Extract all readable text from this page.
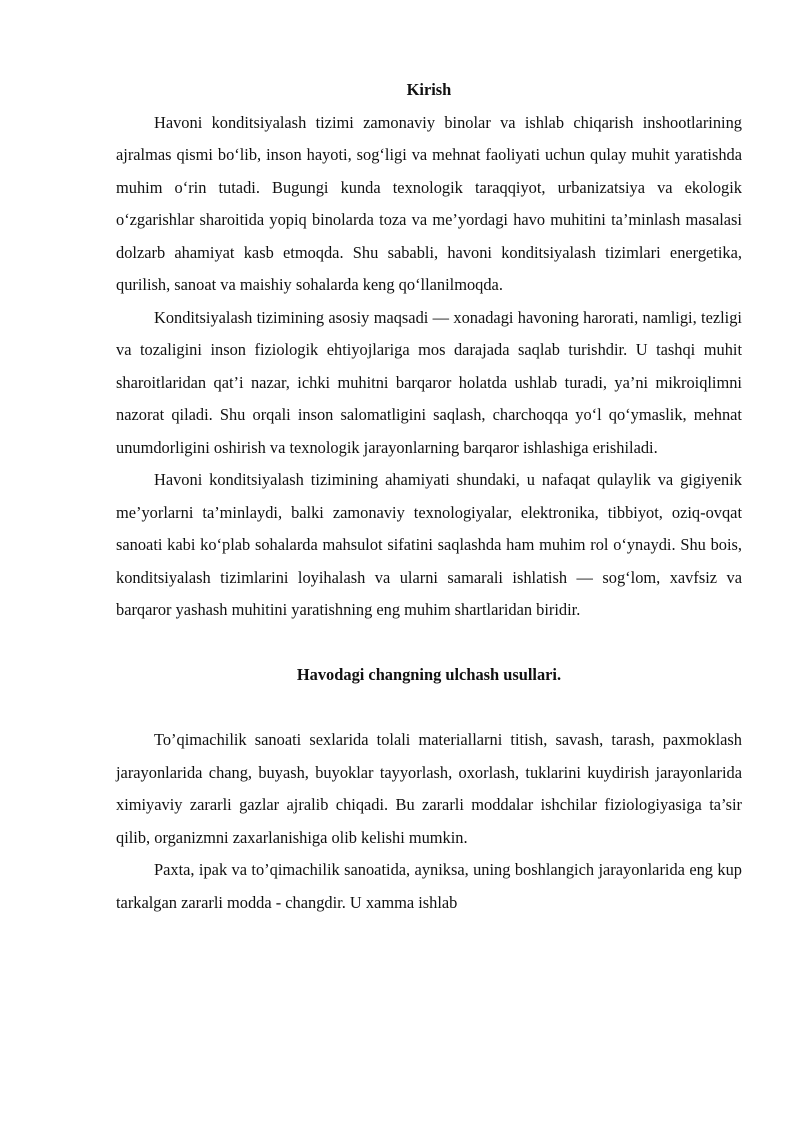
Kirish

Havoni konditsiyalash tizimi zamonaviy binolar va ishlab chiqarish inshootlarining ajralmas qismi bo‘lib, inson hayoti, sog‘ligi va mehnat faoliyati uchun qulay muhit yaratishda muhim o‘rin tutadi. Bugungi kunda texnologik taraqqiyot, urbanizatsiya va ekologik o‘zgarishlar sharoitida yopiq binolarda toza va me’yordagi havo muhitini ta’minlash masalasi dolzarb ahamiyat kasb etmoqda. Shu sababli, havoni konditsiyalash tizimlari energetika, qurilish, sanoat va maishiy sohalarda keng qo‘llanilmoqda.

Konditsiyalash tizimining asosiy maqsadi — xonadagi havoning harorati, namligi, tezligi va tozaligini inson fiziologik ehtiyojlariga mos darajada saqlab turishdir. U tashqi muhit sharoitlaridan qat’i nazar, ichki muhitni barqaror holatda ushlab turadi, ya’ni mikroiqlimni nazorat qiladi. Shu orqali inson salomatligini saqlash, charchoqqa yo‘l qo‘ymaslik, mehnat unumdorligini oshirish va texnologik jarayonlarning barqaror ishlashiga erishiladi.

Havoni konditsiyalash tizimining ahamiyati shundaki, u nafaqat qulaylik va gigiyenik me’yorlarni ta’minlaydi, balki zamonaviy texnologiyalar, elektronika, tibbiyot, oziq-ovqat sanoati kabi ko‘plab sohalarda mahsulot sifatini saqlashda ham muhim rol o‘ynaydi. Shu bois, konditsiyalash tizimlarini loyihalash va ularni samarali ishlatish — sog‘lom, xavfsiz va barqaror yashash muhitini yaratishning eng muhim shartlaridan biridir.

Havodagi changning ulchash usullari.

To’qimachilik sanoati sexlarida tolali materiallarni titish, savash, tarash, paxmoklash jarayonlarida chang, buyash, buyoklar tayyorlash, oxorlash, tuklarini kuydirish jarayonlarida ximiyaviy zararli gazlar ajralib chiqadi. Bu zararli moddalar ishchilar fiziologiyasiga ta’sir qilib, organizmni zaxarlanishiga olib kelishi mumkin.

Paxta, ipak va to’qimachilik sanoatida, ayniksa, uning boshlangich jarayonlarida eng kup tarkalgan zararli modda - changdir. U xamma ishlab
